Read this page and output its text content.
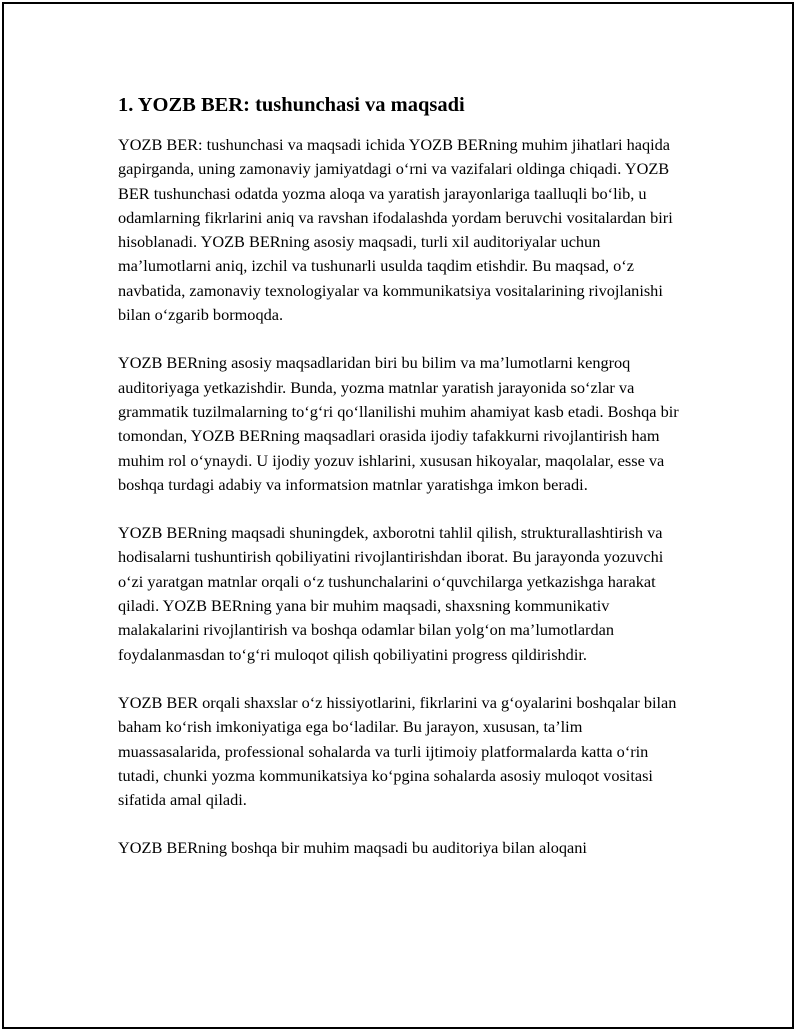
1. YOZB BER: tushunchasi va maqsadi

YOZB BER: tushunchasi va maqsadi ichida YOZB BERning muhim jihatlari haqida gapirganda, uning zamonaviy jamiyatdagi o‘rni va vazifalari oldinga chiqadi. YOZB BER tushunchasi odatda yozma aloqa va yaratish jarayonlariga taalluqli bo‘lib, u odamlarning fikrlarini aniq va ravshan ifodalashda yordam beruvchi vositalardan biri hisoblanadi. YOZB BERning asosiy maqsadi, turli xil auditoriyalar uchun ma’lumotlarni aniq, izchil va tushunarli usulda taqdim etishdir. Bu maqsad, o‘z navbatida, zamonaviy texnologiyalar va kommunikatsiya vositalarining rivojlanishi bilan o‘zgarib bormoqda.

YOZB BERning asosiy maqsadlaridan biri bu bilim va ma’lumotlarni kengroq auditoriyaga yetkazishdir. Bunda, yozma matnlar yaratish jarayonida so‘zlar va grammatik tuzilmalarning to‘g‘ri qo‘llanilishi muhim ahamiyat kasb etadi. Boshqa bir tomondan, YOZB BERning maqsadlari orasida ijodiy tafakkurni rivojlantirish ham muhim rol o‘ynaydi. U ijodiy yozuv ishlarini, xususan hikoyalar, maqolalar, esse va boshqa turdagi adabiy va informatsion matnlar yaratishga imkon beradi.

YOZB BERning maqsadi shuningdek, axborotni tahlil qilish, strukturallashtirish va hodisalarni tushuntirish qobiliyatini rivojlantirishdan iborat. Bu jarayonda yozuvchi o‘zi yaratgan matnlar orqali o‘z tushunchalarini o‘quvchilarga yetkazishga harakat qiladi. YOZB BERning yana bir muhim maqsadi, shaxsning kommunikativ malakalarini rivojlantirish va boshqa odamlar bilan yolg‘on ma’lumotlardan foydalanmasdan to‘g‘ri muloqot qilish qobiliyatini progress qildirishdir.

YOZB BER orqali shaxslar o‘z hissiyotlarini, fikrlarini va g‘oyalarini boshqalar bilan baham ko‘rish imkoniyatiga ega bo‘ladilar. Bu jarayon, xususan, ta’lim muassasalarida, professional sohalarda va turli ijtimoiy platformalarda katta o‘rin tutadi, chunki yozma kommunikatsiya ko‘pgina sohalarda asosiy muloqot vositasi sifatida amal qiladi.

YOZB BERning boshqa bir muhim maqsadi bu auditoriya bilan aloqani
